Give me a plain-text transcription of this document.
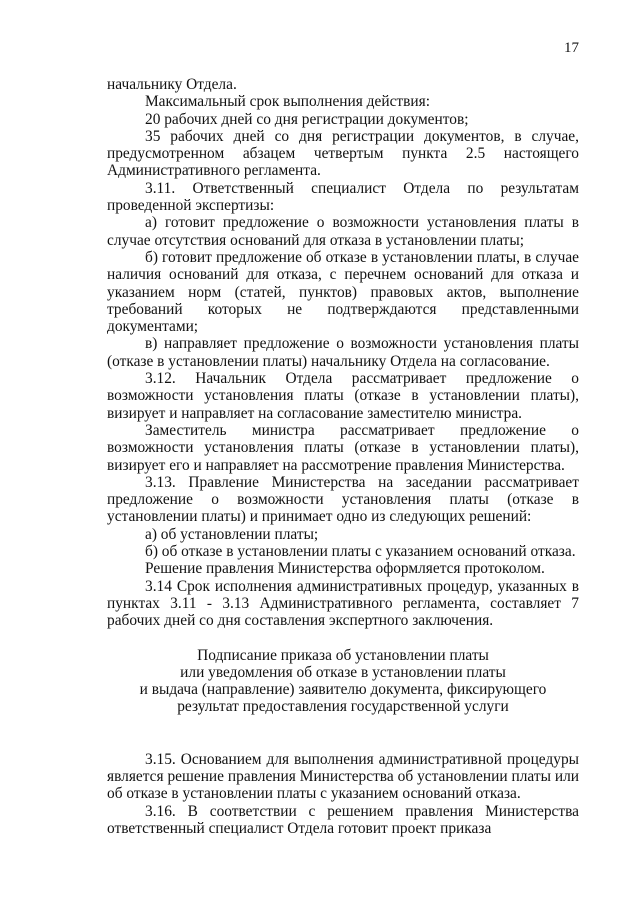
17

начальнику Отдела.

Максимальный срок выполнения действия:

20 рабочих дней со дня регистрации документов;

35 рабочих дней со дня регистрации документов, в случае, предусмотренном абзацем четвертым пункта 2.5 настоящего Административного регламента.

3.11. Ответственный специалист Отдела по результатам проведенной экспертизы:

а) готовит предложение о возможности установления платы в случае отсутствия оснований для отказа в установлении платы;

б) готовит предложение об отказе в установлении платы, в случае наличия оснований для отказа, с перечнем оснований для отказа и указанием норм (статей, пунктов) правовых актов, выполнение требований которых не подтверждаются представленными документами;

в) направляет предложение о возможности установления платы (отказе в установлении платы) начальнику Отдела на согласование.

3.12. Начальник Отдела рассматривает предложение о возможности установления платы (отказе в установлении платы), визирует и направляет на согласование заместителю министра.

Заместитель министра рассматривает предложение о возможности установления платы (отказе в установлении платы), визирует его и направляет на рассмотрение правления Министерства.

3.13. Правление Министерства на заседании рассматривает предложение о возможности установления платы (отказе в установлении платы) и принимает одно из следующих решений:

а) об установлении платы;

б) об отказе в установлении платы с указанием оснований отказа.

Решение правления Министерства оформляется протоколом.

3.14 Срок исполнения административных процедур, указанных в пунктах 3.11 - 3.13 Административного регламента, составляет 7 рабочих дней со дня составления экспертного заключения.

Подписание приказа об установлении платы
или уведомления об отказе в установлении платы
и выдача (направление) заявителю документа, фиксирующего
результат предоставления государственной услуги

3.15. Основанием для выполнения административной процедуры является решение правления Министерства об установлении платы или об отказе в установлении платы с указанием оснований отказа.

3.16. В соответствии с решением правления Министерства ответственный специалист Отдела готовит проект приказа
